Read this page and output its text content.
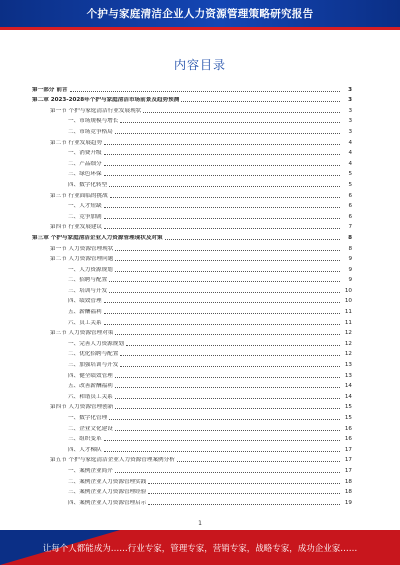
个护与家庭清洁企业人力资源管理策略研究报告
内容目录
第一部分 前言	3
第二章 2023-2028年个护与家庭清洁市场前景及趋势预测	3
第一节 个护与家庭清洁行业发展现状	3
一、市场规模与增长	3
二、市场竞争格局	3
第二节 行业发展趋势	4
一、消费升级	4
二、产品细分	4
三、绿色环保	5
四、数字化转型	5
第三节 行业面临的挑战	6
一、人才短缺	6
二、竞争加剧	6
第四节 行业发展建议	7
第三章 个护与家庭清洁企业人力资源管理现状及对策	8
第一节 人力资源管理现状	8
第二节 人力资源管理问题	9
一、人力资源规划	9
二、招聘与配置	9
三、培训与开发	10
四、绩效管理	10
五、薪酬福利	11
六、员工关系	11
第三节 人力资源管理对策	12
一、完善人力资源规划	12
二、优化招聘与配置	12
三、加强培训与开发	13
四、健全绩效管理	13
五、改善薪酬福利	14
六、和谐员工关系	14
第四节 人力资源管理创新	15
一、数字化管理	15
二、企业文化建设	16
三、组织变革	16
四、人才梯队	17
第五节 个护与家庭清洁企业人力资源管理案例分析	17
一、案例企业简介	17
二、案例企业人力资源管理实践	18
三、案例企业人力资源管理经验	18
四、案例企业人力资源管理启示	19
1
让每个人都能成为……行业专家，管理专家，营销专家，战略专家，成功企业家……
